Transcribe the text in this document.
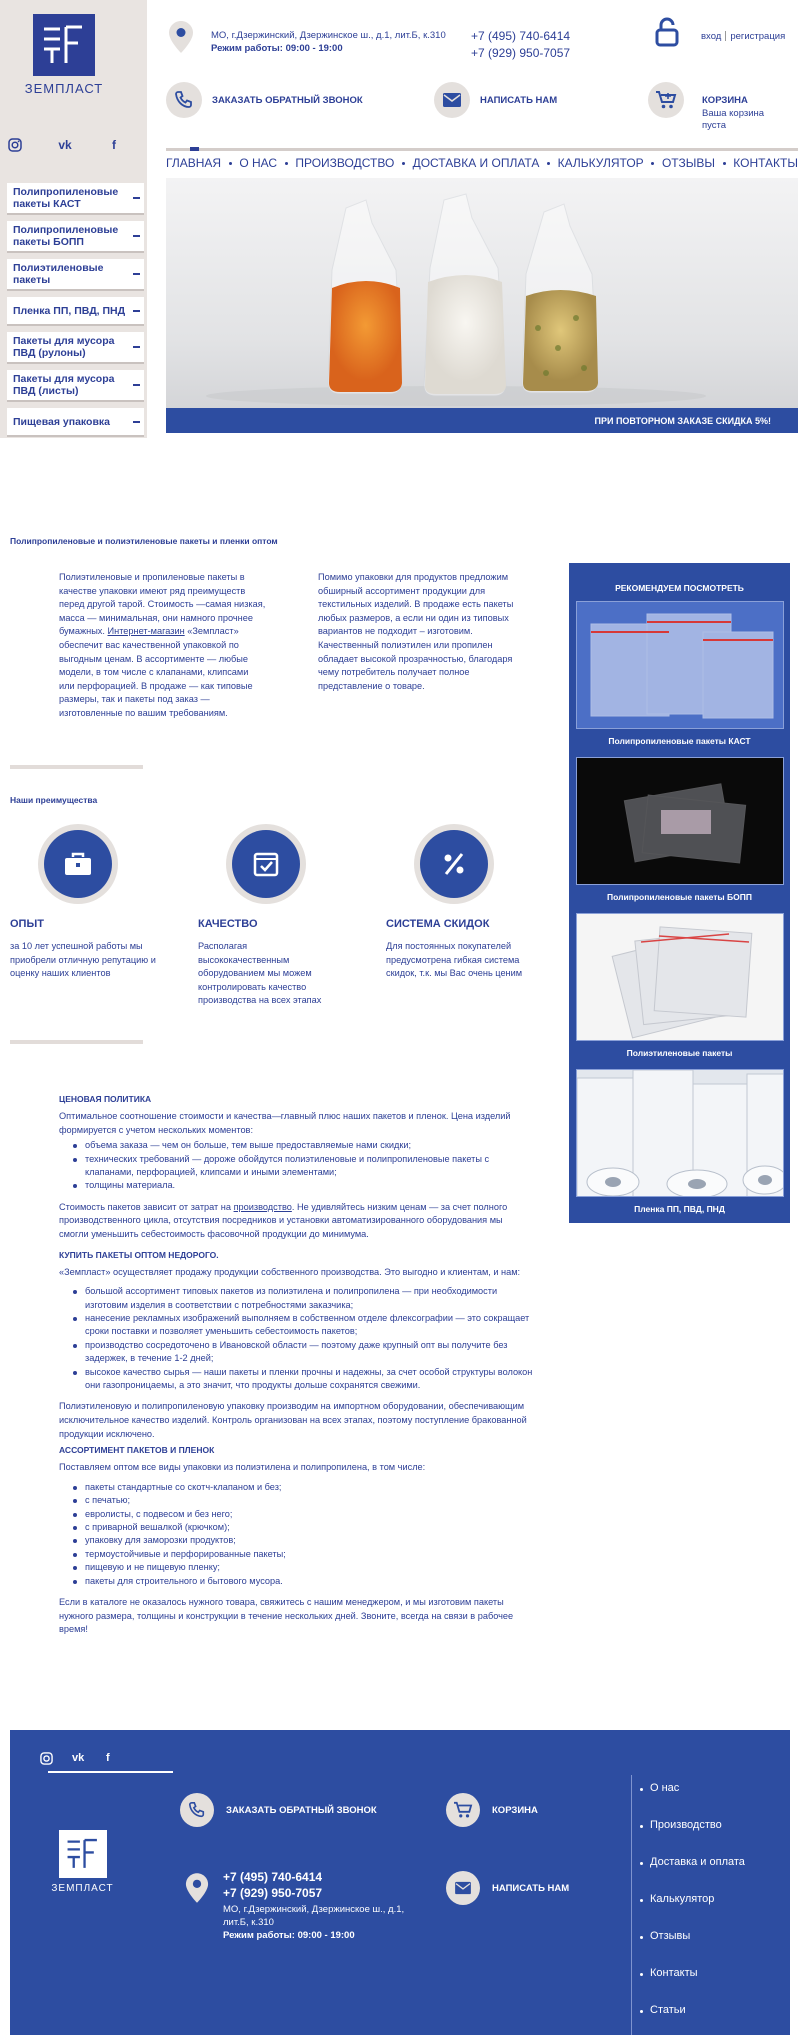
ЗЕМПЛАСТ
vk	f
Полипропиленовые пакеты КАСТ
Полипропиленовые пакеты БОПП
Полиэтиленовые пакеты
Пленка ПП, ПВД, ПНД
Пакеты для мусора ПВД (рулоны)
Пакеты для мусора ПВД (листы)
Пищевая упаковка
МО, г.Дзержинский, Дзержинское ш., д.1, лит.Б, к.310
Режим работы: 09:00 - 19:00
+7 (495) 740-6414
+7 (929) 950-7057
вход регистрация
ЗАКАЗАТЬ ОБРАТНЫЙ ЗВОНОК	НАПИСАТЬ НАМ	КОРЗИНА
Ваша корзина пуста
ГЛАВНАЯ О НАС ПРОИЗВОДСТВО ДОСТАВКА И ОПЛАТА КАЛЬКУЛЯТОР ОТЗЫВЫ КОНТАКТЫ
ПРИ ПОВТОРНОМ ЗАКАЗЕ СКИДКА 5%!
Полипропиленовые и полиэтиленовые пакеты и пленки оптом
Полиэтиленовые и пропиленовые пакеты в качестве упаковки имеют ряд преимуществ перед другой тарой. Стоимость —самая низкая, масса — минимальная, они намного прочнее бумажных. Интернет-магазин «Земпласт» обеспечит вас качественной упаковкой по выгодным ценам. В ассортименте — любые модели, в том числе с клапанами, клипсами или перфорацией. В продаже — как типовые размеры, так и пакеты под заказ — изготовленные по вашим требованиям.
Помимо упаковки для продуктов предложим обширный ассортимент продукции для текстильных изделий. В продаже есть пакеты любых размеров, а если ни один из типовых вариантов не подходит – изготовим. Качественный полиэтилен или пропилен обладает высокой прозрачностью, благодаря чему потребитель получает полное представление о товаре.
РЕКОМЕНДУЕМ ПОСМОТРЕТЬ
Полипропиленовые пакеты КАСТ
Полипропиленовые пакеты БОПП
Полиэтиленовые пакеты
Пленка ПП, ПВД, ПНД
Наши преимущества
ОПЫТ	КАЧЕСТВО	СИСТЕМА СКИДОК
за 10 лет успешной работы мы приобрели отличную репутацию и оценку наших клиентов
Располагая высококачественным оборудованием мы можем контролировать качество производства на всех этапах
Для постоянных покупателей предусмотрена гибкая система скидок, т.к. мы Вас очень ценим
ЦЕНОВАЯ ПОЛИТИКА

Оптимальное соотношение стоимости и качества—главный плюс наших пакетов и пленок. Цена изделий формируется с учетом нескольких моментов:

объема заказа — чем он больше, тем выше предоставляемые нами скидки;
технических требований — дороже обойдутся полиэтиленовые и полипропиленовые пакеты с клапанами, перфорацией, клипсами и иными элементами;
толщины материала.

Стоимость пакетов зависит от затрат на производство. Не удивляйтесь низким ценам — за счет полного производственного цикла, отсутствия посредников и установки автоматизированного оборудования мы смогли уменьшить себестоимость фасовочной продукции до минимума.

КУПИТЬ ПАКЕТЫ ОПТОМ НЕДОРОГО.

«Земпласт» осуществляет продажу продукции собственного производства. Это выгодно и клиентам, и нам:

большой ассортимент типовых пакетов из полиэтилена и полипропилена — при необходимости изготовим изделия в соответствии с потребностями заказчика;
нанесение рекламных изображений выполняем в собственном отделе флексографии — это сокращает сроки поставки и позволяет уменьшить себестоимость пакетов;
производство сосредоточено в Ивановской области — поэтому даже крупный опт вы получите без задержек, в течение 1-2 дней;
высокое качество сырья — наши пакеты и пленки прочны и надежны, за счет особой структуры волокон они газопроницаемы, а это значит, что продукты дольше сохранятся свежими.

Полиэтиленовую и полипропиленовую упаковку производим на импортном оборудовании, обеспечивающим исключительное качество изделий. Контроль организован на всех этапах, поэтому поступление бракованной продукции исключено.

АССОРТИМЕНТ ПАКЕТОВ И ПЛЕНОК

Поставляем оптом все виды упаковки из полиэтилена и полипропилена, в том числе:

пакеты стандартные со скотч-клапаном и без;
с печатью;
евролисты, с подвесом и без него;
с приварной вешалкой (крючком);
упаковку для заморозки продуктов;
термоустойчивые и перфорированные пакеты;
пищевую и не пищевую пленку;
пакеты для строительного и бытового мусора.

Если в каталоге не оказалось нужного товара, свяжитесь с нашим менеджером, и мы изготовим пакеты нужного размера, толщины и конструкции в течение нескольких дней. Звоните, всегда на связи в рабочее время!

vk f
ЗЕМПЛАСТ
ЗАКАЗАТЬ ОБРАТНЫЙ ЗВОНОК	КОРЗИНА
НАПИСАТЬ НАМ
+7 (495) 740-6414
+7 (929) 950-7057
МО, г.Дзержинский, Дзержинское ш., д.1, лит.Б, к.310
Режим работы: 09:00 - 19:00
О нас
Производство
Доставка и оплата
Калькулятор
Отзывы
Контакты
Статьи
